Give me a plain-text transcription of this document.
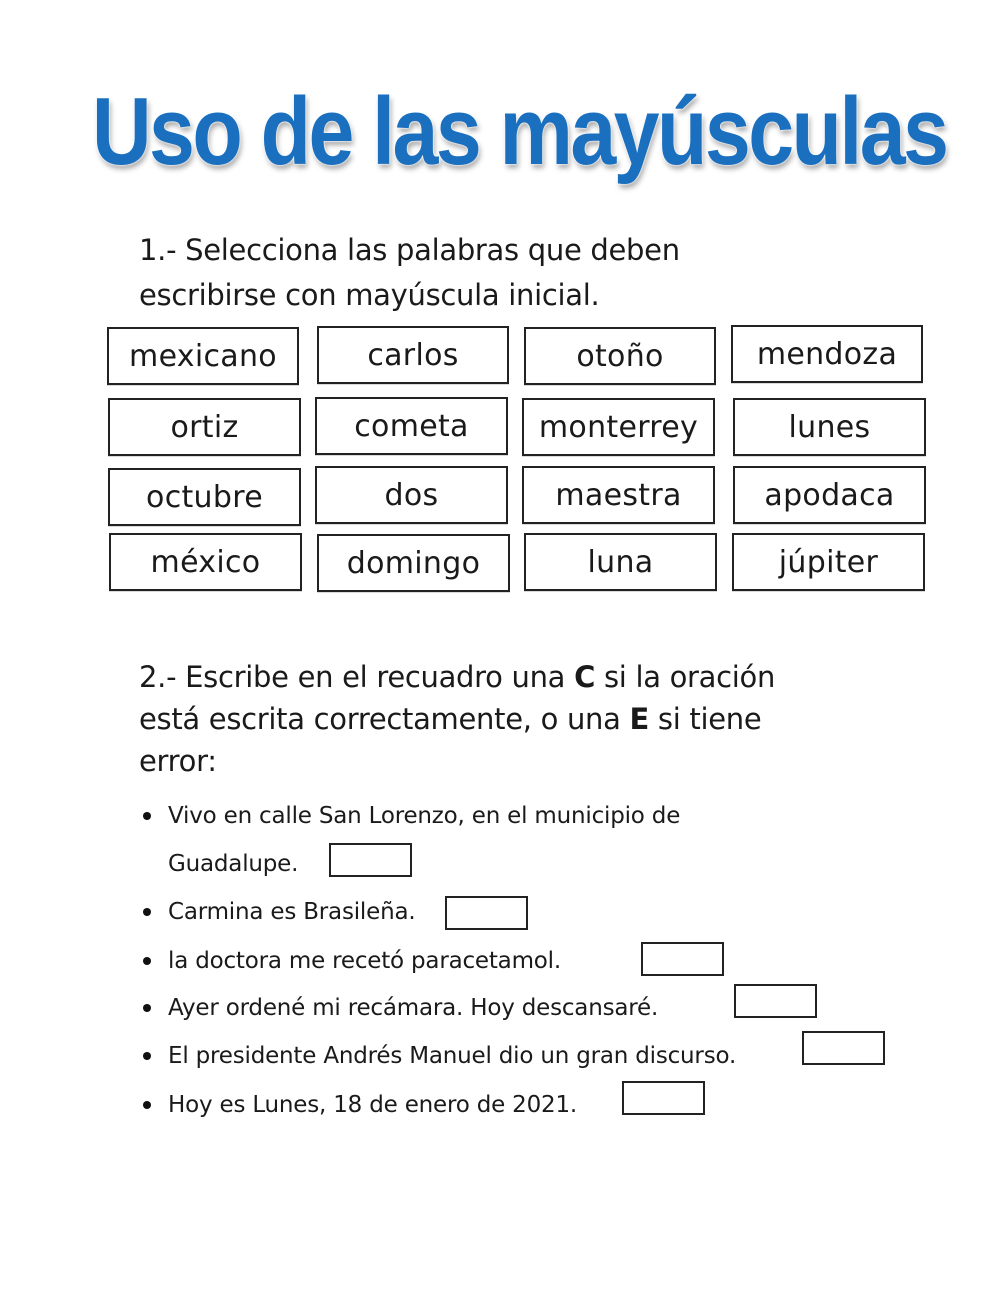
Uso de las mayúsculas
1.- Selecciona las palabras que deben
escribirse con mayúscula inicial.
mexicano	carlos	otoño	mendoza
ortiz	cometa	monterrey	lunes
octubre	dos	maestra	apodaca
méxico	domingo	luna	júpiter
2.- Escribe en el recuadro una C si la oración
está escrita correctamente, o una E si tiene
error:
Vivo en calle San Lorenzo, en el municipio de
Guadalupe.
Carmina es Brasileña.
la doctora me recetó paracetamol.
Ayer ordené mi recámara. Hoy descansaré.
El presidente Andrés Manuel dio un gran discurso.
Hoy es Lunes, 18 de enero de 2021.
